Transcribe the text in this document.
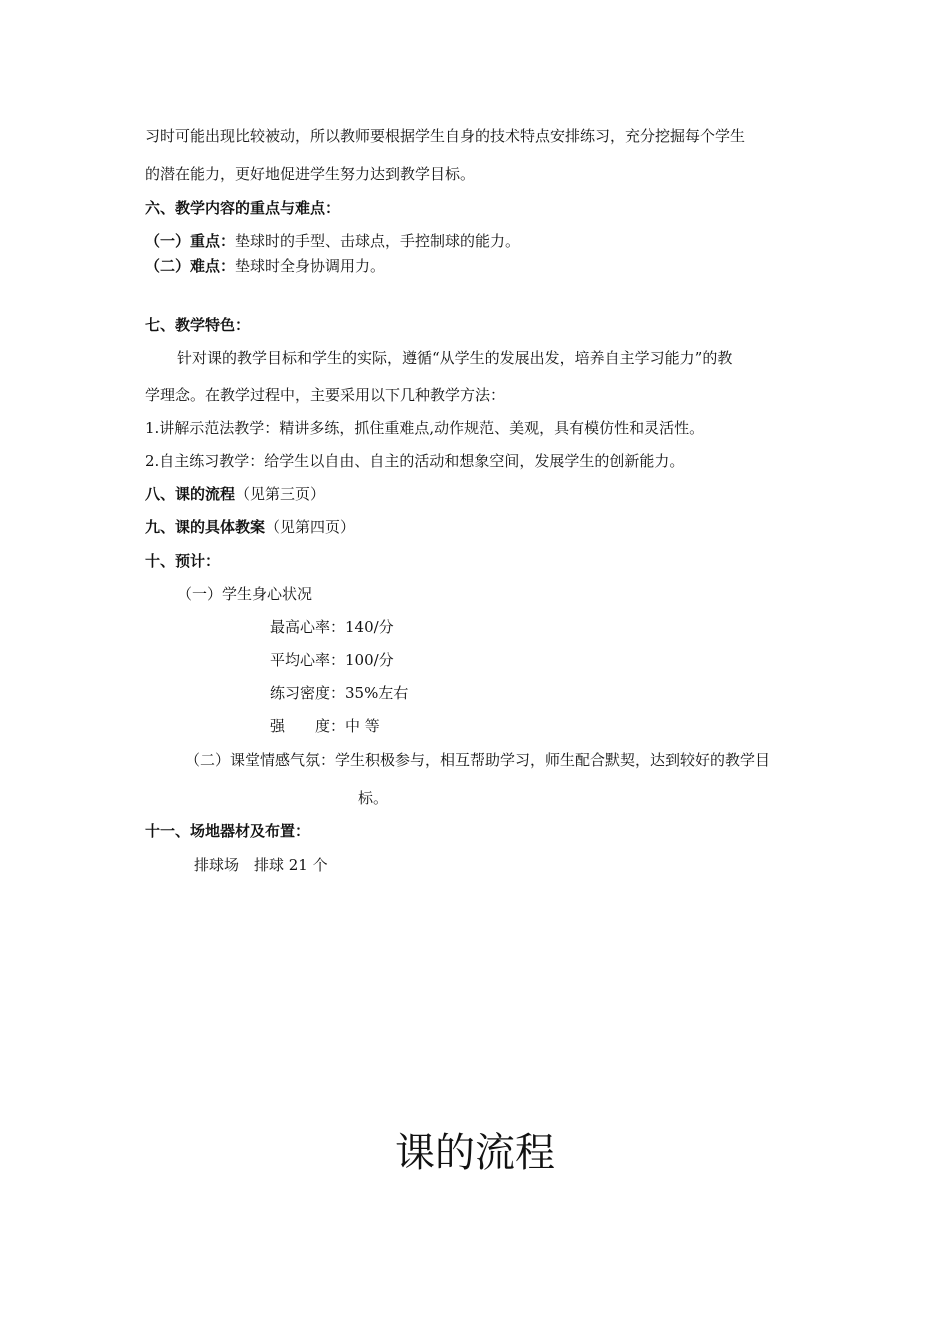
习时可能出现比较被动，所以教师要根据学生自身的技术特点安排练习，充分挖掘每个学生
的潜在能力，更好地促进学生努力达到教学目标。
六、教学内容的重点与难点：
（一）重点：垫球时的手型、击球点，手控制球的能力。
（二）难点：垫球时全身协调用力。
七、教学特色：
针对课的教学目标和学生的实际，遵循“从学生的发展出发，培养自主学习能力”的教
学理念。在教学过程中，主要采用以下几种教学方法：
1.讲解示范法教学：精讲多练，抓住重难点,动作规范、美观，具有模仿性和灵活性。
2.自主练习教学：给学生以自由、自主的活动和想象空间，发展学生的创新能力。
八、课的流程（见第三页）
九、课的具体教案（见第四页）
十、预计：
（一）学生身心状况
最高心率：140/分
平均心率：100/分
练习密度：35%左右
强　　度：中 等
（二）课堂情感气氛：学生积极参与，相互帮助学习，师生配合默契，达到较好的教学目
标。
十一、场地器材及布置：
排球场　排球 21 个
课的流程
